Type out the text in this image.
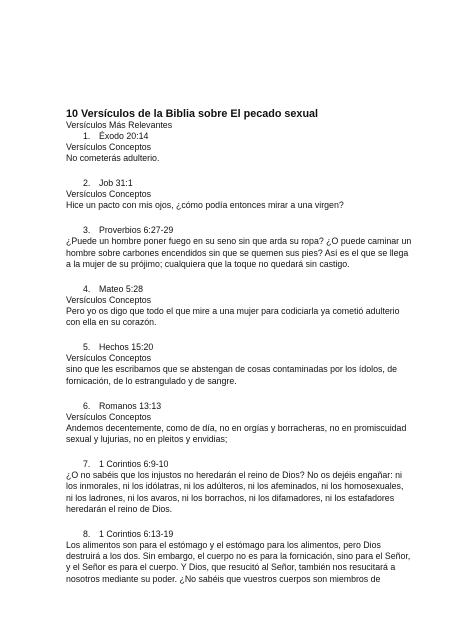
10 Versículos de la Biblia sobre El pecado sexual
Versículos Más Relevantes
1. Éxodo 20:14
Versículos Conceptos

No cometerás adulterio.

2. Job 31:1
Versículos Conceptos

Hice un pacto con mis ojos, ¿cómo podía entonces mirar a una virgen?

3. Proverbios 6:27-29

¿Puede un hombre poner fuego en su seno sin que arda su ropa? ¿O puede caminar un
hombre sobre carbones encendidos sin que se quemen sus pies? Así es el que se llega
a la mujer de su prójimo; cualquiera que la toque no quedará sin castigo.

4. Mateo 5:28
Versículos Conceptos

Pero yo os digo que todo el que mire a una mujer para codiciarla ya cometió adulterio
con ella en su corazón.

5. Hechos 15:20
Versículos Conceptos

sino que les escribamos que se abstengan de cosas contaminadas por los ídolos, de
fornicación, de lo estrangulado y de sangre.

6. Romanos 13:13
Versículos Conceptos

Andemos decentemente, como de día, no en orgías y borracheras, no en promiscuidad
sexual y lujurias, no en pleitos y envidias;

7. 1 Corintios 6:9-10

¿O no sabéis que los injustos no heredarán el reino de Dios? No os dejéis engañar: ni
los inmorales, ni los idólatras, ni los adúlteros, ni los afeminados, ni los homosexuales,
ni los ladrones, ni los avaros, ni los borrachos, ni los difamadores, ni los estafadores
heredarán el reino de Dios.

8. 1 Corintios 6:13-19

Los alimentos son para el estómago y el estómago para los alimentos, pero Dios
destruirá a los dos. Sin embargo, el cuerpo no es para la fornicación, sino para el Señor,
y el Señor es para el cuerpo. Y Dios, que resucitó al Señor, también nos resucitará a
nosotros mediante su poder. ¿No sabéis que vuestros cuerpos son miembros de
